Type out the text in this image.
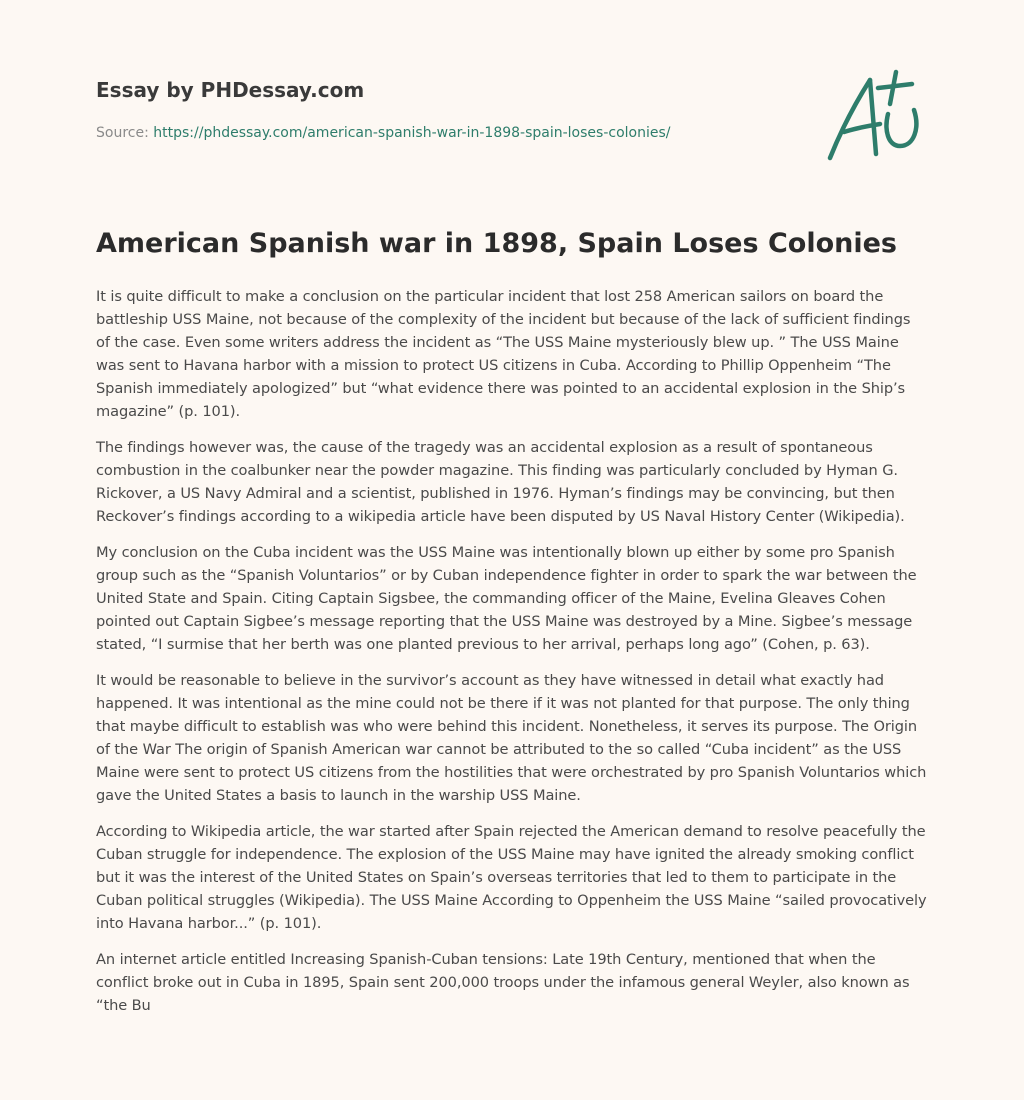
Essay by PHDessay.com
Source: https://phdessay.com/american-spanish-war-in-1898-spain-loses-colonies/
American Spanish war in 1898, Spain Loses Colonies

It is quite difficult to make a conclusion on the particular incident that lost 258 American sailors on board the battleship USS Maine, not because of the complexity of the incident but because of the lack of sufficient findings of the case. Even some writers address the incident as “The USS Maine mysteriously blew up. ” The USS Maine was sent to Havana harbor with a mission to protect US citizens in Cuba. According to Phillip Oppenheim “The Spanish immediately apologized” but “what evidence there was pointed to an accidental explosion in the Ship’s magazine” (p. 101).

The findings however was, the cause of the tragedy was an accidental explosion as a result of spontaneous combustion in the coalbunker near the powder magazine. This finding was particularly concluded by Hyman G. Rickover, a US Navy Admiral and a scientist, published in 1976. Hyman’s findings may be convincing, but then Reckover’s findings according to a wikipedia article have been disputed by US Naval History Center (Wikipedia).

My conclusion on the Cuba incident was the USS Maine was intentionally blown up either by some pro Spanish group such as the “Spanish Voluntarios” or by Cuban independence fighter in order to spark the war between the United State and Spain. Citing Captain Sigsbee, the commanding officer of the Maine, Evelina Gleaves Cohen pointed out Captain Sigbee’s message reporting that the USS Maine was destroyed by a Mine. Sigbee’s message stated, “I surmise that her berth was one planted previous to her arrival, perhaps long ago” (Cohen, p. 63).

It would be reasonable to believe in the survivor’s account as they have witnessed in detail what exactly had happened. It was intentional as the mine could not be there if it was not planted for that purpose. The only thing that maybe difficult to establish was who were behind this incident. Nonetheless, it serves its purpose. The Origin of the War The origin of Spanish American war cannot be attributed to the so called “Cuba incident” as the USS Maine were sent to protect US citizens from the hostilities that were orchestrated by pro Spanish Voluntarios which gave the United States a basis to launch in the warship USS Maine.

According to Wikipedia article, the war started after Spain rejected the American demand to resolve peacefully the Cuban struggle for independence. The explosion of the USS Maine may have ignited the already smoking conflict but it was the interest of the United States on Spain’s overseas territories that led to them to participate in the Cuban political struggles (Wikipedia). The USS Maine According to Oppenheim the USS Maine “sailed provocatively into Havana harbor...” (p. 101).

An internet article entitled Increasing Spanish-Cuban tensions: Late 19th Century, mentioned that when the conflict broke out in Cuba in 1895, Spain sent 200,000 troops under the infamous general Weyler, also known as “the Bu
